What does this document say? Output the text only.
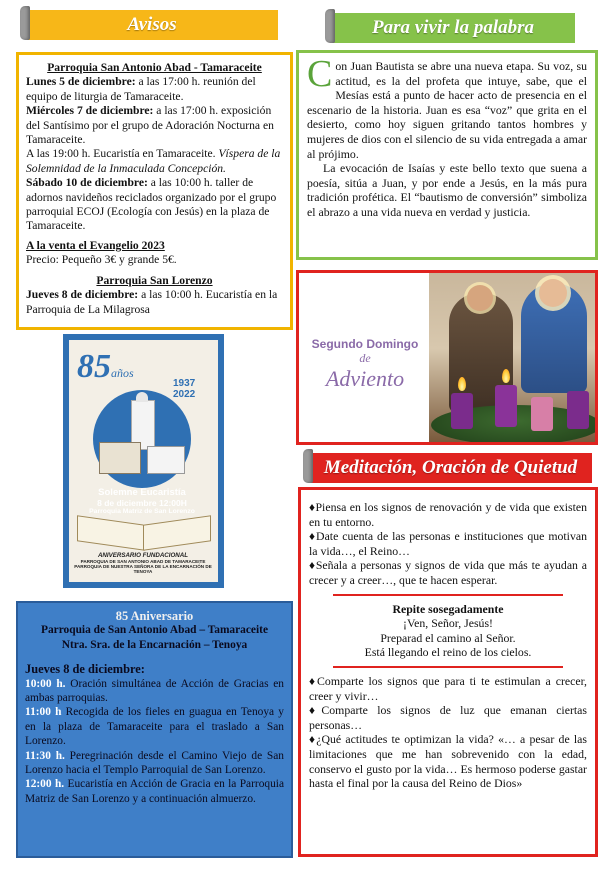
Avisos	Para vivir la palabra
Meditación, Oración de Quietud
Parroquia San Antonio Abad - Tamaraceite

Lunes 5 de diciembre: a las 17:00 h. reunión del equipo de liturgia de Tamaraceite.

Miércoles 7 de diciembre: a las 17:00 h. exposición del Santísimo por el grupo de Adoración Nocturna en Tamaraceite.

A las 19:00 h. Eucaristía en Tamaraceite. Víspera de la Solemnidad de la Inmaculada Concepción.

Sábado 10 de diciembre: a las 10:00 h. taller de adornos navideños reciclados organizado por el grupo parroquial ECOJ (Ecología con Jesús) en la plaza de Tamaraceite.

A la venta el Evangelio 2023
Precio: Pequeño 3€ y grande 5€.
Parroquia San Lorenzo

Jueves 8 de diciembre: a las 10:00 h. Eucaristía en la Parroquia de La Milagrosa

85años
1937
2022
Solemne Eucaristía
8 de diciembre 12:00H
Parroquia Matriz de San Lorenzo
ANIVERSARIO FUNDACIONAL
PARROQUIA DE SAN ANTONIO ABAD DE TAMARACEITE
PARROQUIA DE NUESTRA SEÑORA DE LA ENCARNACIÓN DE TENOYA
85 Aniversario
Parroquia de San Antonio Abad – Tamaraceite
Ntra. Sra. de la Encarnación – Tenoya
Jueves 8 de diciembre:

10:00 h. Oración simultánea de Acción de Gracias en ambas parroquias.

11:00 h Recogida de los fieles en guagua en Tenoya y en la plaza de Tamaraceite para el traslado a San Lorenzo.

11:30 h. Peregrinación desde el Camino Viejo de San Lorenzo hacia el Templo Parroquial de San Lorenzo.

12:00 h. Eucaristía en Acción de Gracia en la Parroquia Matriz de San Lorenzo y a continuación almuerzo.

Con Juan Bautista se abre una nueva etapa. Su voz, su actitud, es la del profeta que intuye, sabe, que el Mesías está a punto de hacer acto de presencia en el escenario de la historia. Juan es esa “voz” que grita en el desierto, como hoy siguen gritando tantos hombres y mujeres de dios con el silencio de su vida entregada a amar al prójimo.

La evocación de Isaías y este bello texto que suena a poesía, sitúa a Juan, y por ende a Jesús, en la más pura tradición profética. El “bautismo de conversión” simboliza el abrazo a una vida nueva en verdad y justicia.

Segundo Domingo
de
Adviento

♦Piensa en los signos de renovación y de vida que existen en tu entorno.

♦Date cuenta de las personas e instituciones que motivan la vida…, el Reino…

♦Señala a personas y signos de vida que más te ayudan a crecer y a creer…, que te hacen esperar.

Repite sosegadamente
¡Ven, Señor, Jesús!
Preparad el camino al Señor.
Está llegando el reino de los cielos.

♦Comparte los signos que para ti te estimulan a crecer, creer y vivir…

♦Comparte los signos de luz que emanan ciertas personas…

♦¿Qué actitudes te optimizan la vida? «… a pesar de las limitaciones que me han sobrevenido con la edad, conservo el gusto por la vida… Es hermoso poderse gastar hasta el final por la causa del Reino de Dios»
